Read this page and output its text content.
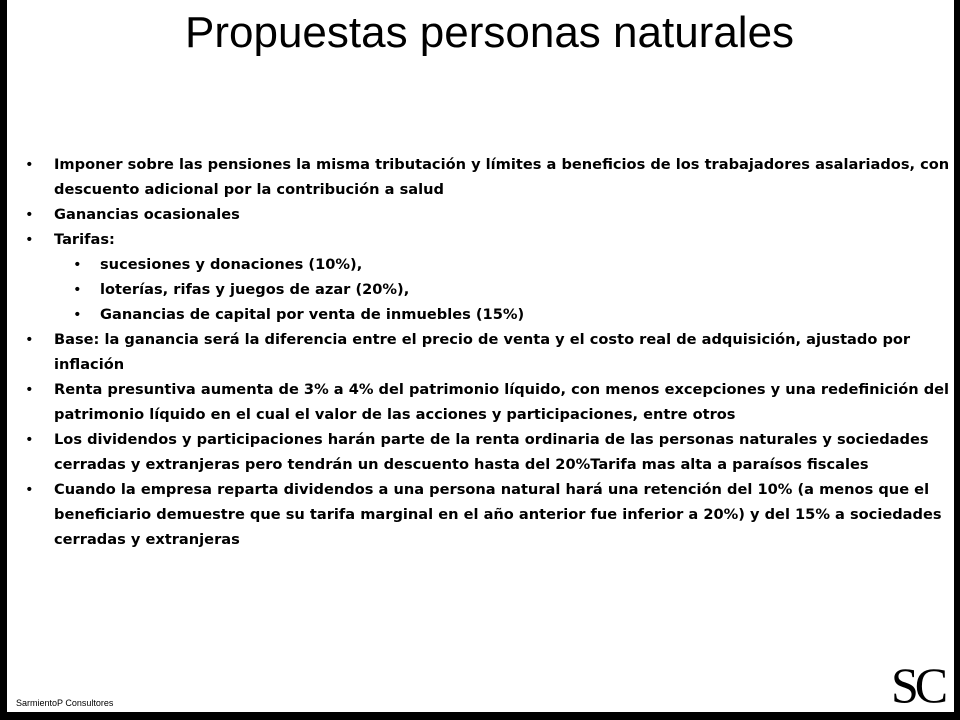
Propuestas personas naturales
• Imponer sobre las pensiones la misma tributación y límites a beneficios de los trabajadores asalariados, con descuento adicional por la contribución a salud
• Ganancias ocasionales
• Tarifas:
• sucesiones y donaciones (10%),
• loterías, rifas y juegos de azar (20%),
• Ganancias de capital por venta de inmuebles (15%)
• Base: la ganancia será la diferencia entre el precio de venta y el costo real de adquisición, ajustado por inflación
• Renta presuntiva aumenta de 3% a 4% del patrimonio líquido, con menos excepciones y una redefinición del patrimonio líquido en el cual el valor de las acciones y participaciones, entre otros
• Los dividendos y participaciones harán parte de la renta ordinaria de las personas naturales y sociedades cerradas y extranjeras pero tendrán un descuento hasta del 20%Tarifa mas alta a paraísos fiscales
• Cuando la empresa reparta dividendos a una persona natural hará una retención del 10% (a menos que el beneficiario demuestre que su tarifa marginal en el año anterior fue inferior a 20%) y del 15% a sociedades cerradas y extranjeras
SarmientoP Consultores	SC
